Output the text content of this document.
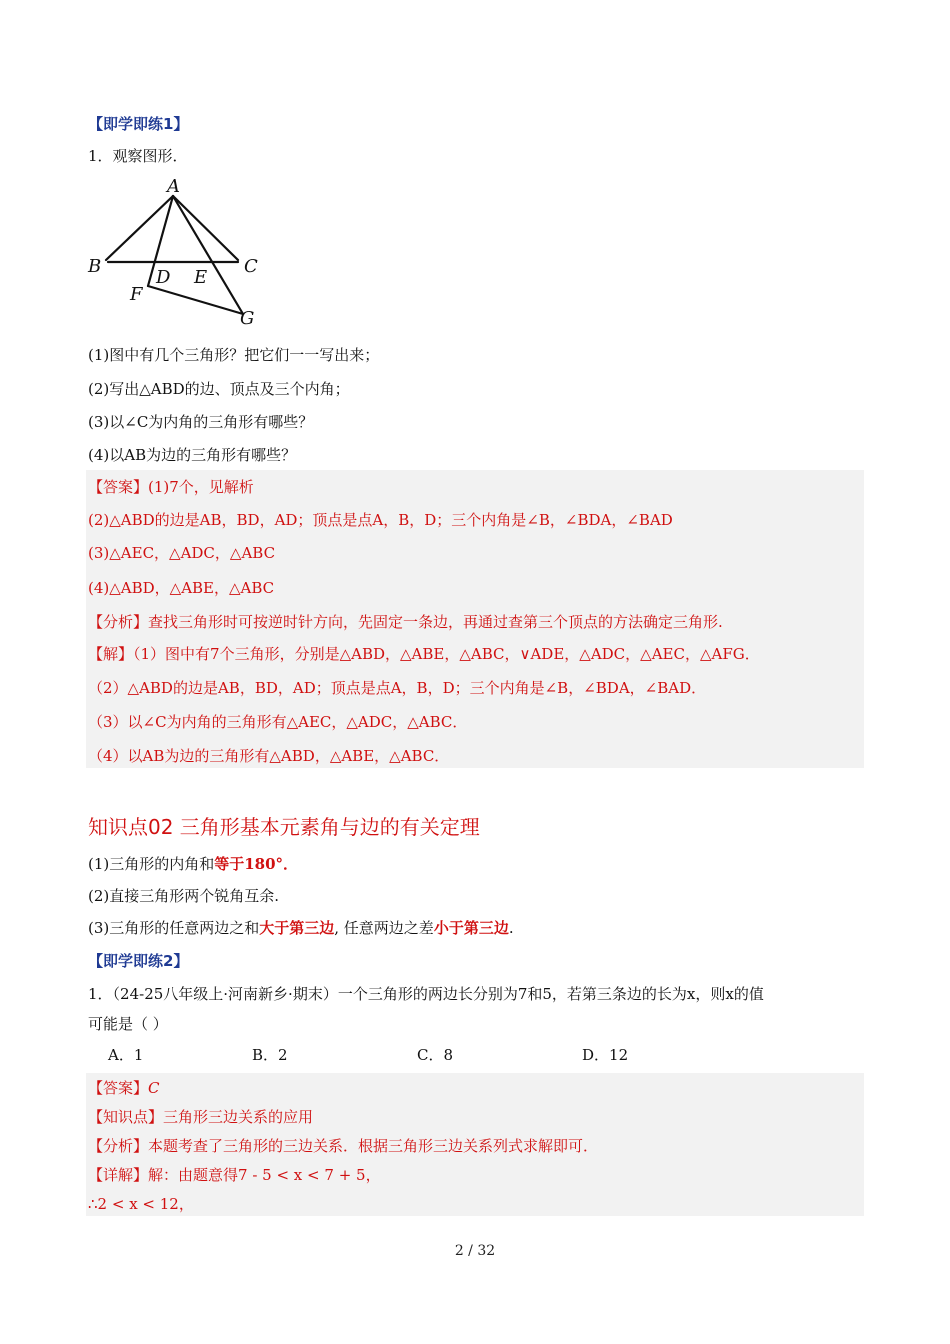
【即学即练1】
1．观察图形．
A
B	C
D E
F
G
(1)图中有几个三角形？把它们一一写出来；
(2)写出△ABD的边、顶点及三个内角；
(3)以∠C为内角的三角形有哪些？
(4)以AB为边的三角形有哪些？
【答案】(1)7个，见解析
(2)△ABD的边是AB，BD，AD；顶点是点A，B，D；三个内角是∠B，∠BDA，∠BAD
(3)△AEC，△ADC，△ABC
(4)△ABD，△ABE，△ABC
【分析】查找三角形时可按逆时针方向，先固定一条边，再通过查第三个顶点的方法确定三角形.
【解】（1）图中有7个三角形，分别是△ABD，△ABE，△ABC，∨ADE，△ADC，△AEC，△AFG．
（2）△ABD的边是AB，BD，AD；顶点是点A，B，D；三个内角是∠B，∠BDA，∠BAD．
（3）以∠C为内角的三角形有△AEC，△ADC，△ABC．
（4）以AB为边的三角形有△ABD，△ABE，△ABC．
知识点02 三角形基本元素角与边的有关定理
(1)三角形的内角和等于180°．
(2)直接三角形两个锐角互余.
(3)三角形的任意两边之和大于第三边, 任意两边之差小于第三边.
【即学即练2】
1．（24-25八年级上·河南新乡·期末）一个三角形的两边长分别为7和5，若第三条边的长为x，则x的值
可能是（ ）
A．1	B．2	C．8	D．12
【答案】C
【知识点】三角形三边关系的应用
【分析】本题考查了三角形的三边关系．根据三角形三边关系列式求解即可．
【详解】解：由题意得7 - 5 < x < 7 + 5，
∴2 < x < 12，
2 / 32
